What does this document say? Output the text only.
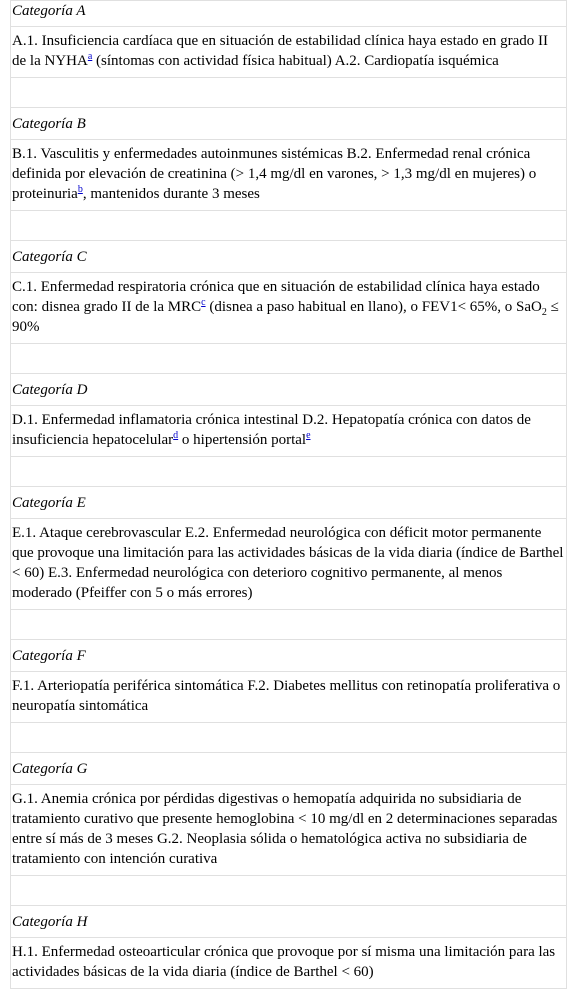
Categoría A
A.1. Insuficiencia cardíaca que en situación de estabilidad clínica haya estado en grado II de la NYHA$^a$ (síntomas con actividad física habitual) A.2. Cardiopatía isquémica

Categoría B
B.1. Vasculitis y enfermedades autoinmunes sistémicas B.2. Enfermedad renal crónica definida por elevación de creatinina (> 1,4 mg/dl en varones, > 1,3 mg/dl en mujeres) o proteinuria$^b$, mantenidos durante 3 meses

Categoría C
C.1. Enfermedad respiratoria crónica que en situación de estabilidad clínica haya estado con: disnea grado II de la MRC$^c$ (disnea a paso habitual en llano), o FEV1< 65%, o SaO$_2$ ≤ 90%

Categoría D
D.1. Enfermedad inflamatoria crónica intestinal D.2. Hepatopatía crónica con datos de insuficiencia hepatocelular$^d$ o hipertensión portal$^e$

Categoría E
E.1. Ataque cerebrovascular E.2. Enfermedad neurológica con déficit motor permanente que provoque una limitación para las actividades básicas de la vida diaria (índice de Barthel < 60) E.3. Enfermedad neurológica con deterioro cognitivo permanente, al menos moderado (Pfeiffer con 5 o más errores)

Categoría F
F.1. Arteriopatía periférica sintomática F.2. Diabetes mellitus con retinopatía proliferativa o neuropatía sintomática

Categoría G
G.1. Anemia crónica por pérdidas digestivas o hemopatía adquirida no subsidiaria de tratamiento curativo que presente hemoglobina < 10 mg/dl en 2 determinaciones separadas entre sí más de 3 meses G.2. Neoplasia sólida o hematológica activa no subsidiaria de tratamiento con intención curativa

Categoría H
H.1. Enfermedad osteoarticular crónica que provoque por sí misma una limitación para las actividades básicas de la vida diaria (índice de Barthel < 60)
